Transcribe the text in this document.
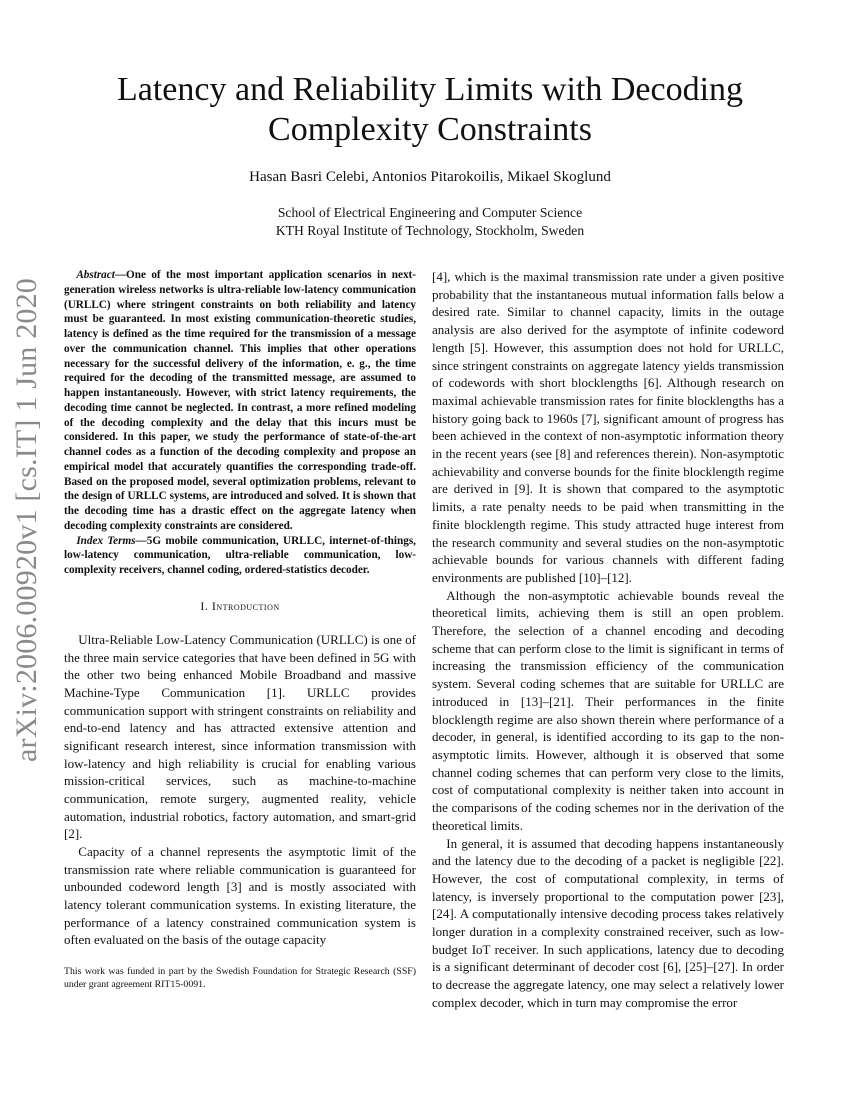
arXiv:2006.00920v1 [cs.IT] 1 Jun 2020
Latency and Reliability Limits with Decoding Complexity Constraints
Hasan Basri Celebi, Antonios Pitarokoilis, Mikael Skoglund
School of Electrical Engineering and Computer Science
KTH Royal Institute of Technology, Stockholm, Sweden

Abstract—One of the most important application scenarios in next-generation wireless networks is ultra-reliable low-latency communication (URLLC) where stringent constraints on both reliability and latency must be guaranteed. In most existing communication-theoretic studies, latency is defined as the time required for the transmission of a message over the communication channel. This implies that other operations necessary for the successful delivery of the information, e. g., the time required for the decoding of the transmitted message, are assumed to happen instantaneously. However, with strict latency requirements, the decoding time cannot be neglected. In contrast, a more refined modeling of the decoding complexity and the delay that this incurs must be considered. In this paper, we study the performance of state-of-the-art channel codes as a function of the decoding complexity and propose an empirical model that accurately quantifies the corresponding trade-off. Based on the proposed model, several optimization problems, relevant to the design of URLLC systems, are introduced and solved. It is shown that the decoding time has a drastic effect on the aggregate latency when decoding complexity constraints are considered.

Index Terms—5G mobile communication, URLLC, internet-of-things, low-latency communication, ultra-reliable communication, low-complexity receivers, channel coding, ordered-statistics decoder.

I. Introduction

Ultra-Reliable Low-Latency Communication (URLLC) is one of the three main service categories that have been defined in 5G with the other two being enhanced Mobile Broadband and massive Machine-Type Communication [1]. URLLC provides communication support with stringent constraints on reliability and end-to-end latency and has attracted extensive attention and significant research interest, since information transmission with low-latency and high reliability is crucial for enabling various mission-critical services, such as machine-to-machine communication, remote surgery, augmented reality, vehicle automation, industrial robotics, factory automation, and smart-grid [2].

Capacity of a channel represents the asymptotic limit of the transmission rate where reliable communication is guaranteed for unbounded codeword length [3] and is mostly associated with latency tolerant communication systems. In existing literature, the performance of a latency constrained communication system is often evaluated on the basis of the outage capacity

This work was funded in part by the Swedish Foundation for Strategic Research (SSF) under grant agreement RIT15-0091.

[4], which is the maximal transmission rate under a given positive probability that the instantaneous mutual information falls below a desired rate. Similar to channel capacity, limits in the outage analysis are also derived for the asymptote of infinite codeword length [5]. However, this assumption does not hold for URLLC, since stringent constraints on aggregate latency yields transmission of codewords with short blocklengths [6]. Although research on maximal achievable transmission rates for finite blocklengths has a history going back to 1960s [7], significant amount of progress has been achieved in the context of non-asymptotic information theory in the recent years (see [8] and references therein). Non-asymptotic achievability and converse bounds for the finite blocklength regime are derived in [9]. It is shown that compared to the asymptotic limits, a rate penalty needs to be paid when transmitting in the finite blocklength regime. This study attracted huge interest from the research community and several studies on the non-asymptotic achievable bounds for various channels with different fading environments are published [10]–[12].

Although the non-asymptotic achievable bounds reveal the theoretical limits, achieving them is still an open problem. Therefore, the selection of a channel encoding and decoding scheme that can perform close to the limit is significant in terms of increasing the transmission efficiency of the communication system. Several coding schemes that are suitable for URLLC are introduced in [13]–[21]. Their performances in the finite blocklength regime are also shown therein where performance of a decoder, in general, is identified according to its gap to the non-asymptotic limits. However, although it is observed that some channel coding schemes that can perform very close to the limits, cost of computational complexity is neither taken into account in the comparisons of the coding schemes nor in the derivation of the theoretical limits.

In general, it is assumed that decoding happens instantaneously and the latency due to the decoding of a packet is negligible [22]. However, the cost of computational complexity, in terms of latency, is inversely proportional to the computation power [23], [24]. A computationally intensive decoding process takes relatively longer duration in a complexity constrained receiver, such as low-budget IoT receiver. In such applications, latency due to decoding is a significant determinant of decoder cost [6], [25]–[27]. In order to decrease the aggregate latency, one may select a relatively lower complex decoder, which in turn may compromise the error
